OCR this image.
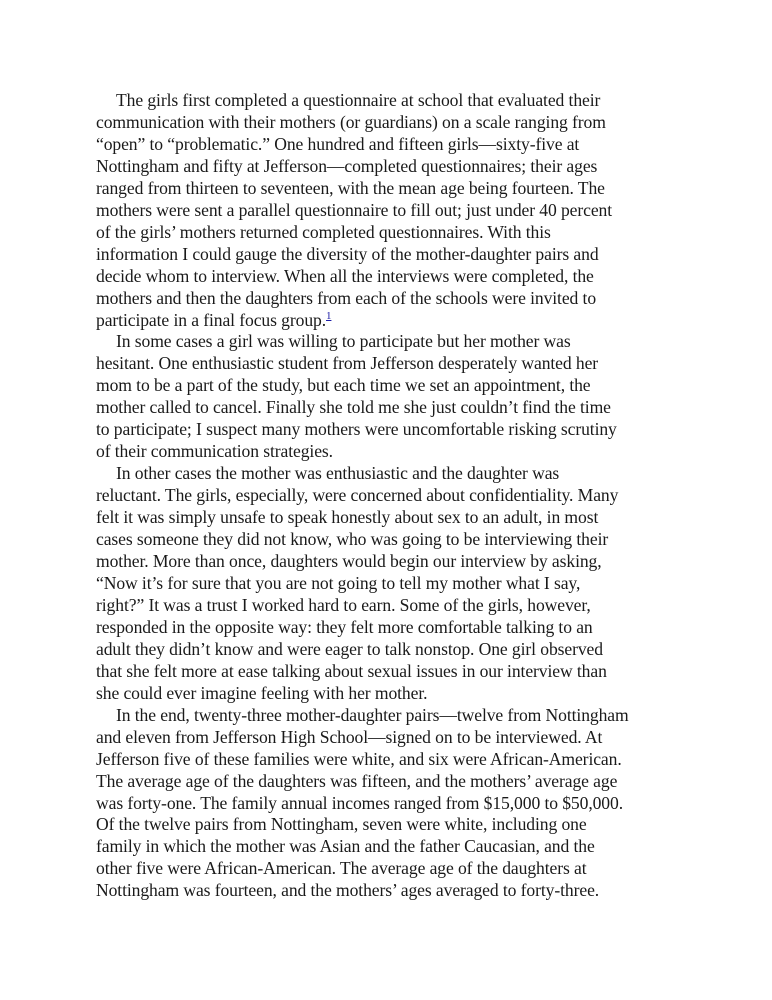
The girls first completed a questionnaire at school that evaluated their
communication with their mothers (or guardians) on a scale ranging from
“open” to “problematic.” One hundred and fifteen girls—sixty-five at
Nottingham and fifty at Jefferson—completed questionnaires; their ages
ranged from thirteen to seventeen, with the mean age being fourteen. The
mothers were sent a parallel questionnaire to fill out; just under 40 percent
of the girls’ mothers returned completed questionnaires. With this
information I could gauge the diversity of the mother-daughter pairs and
decide whom to interview. When all the interviews were completed, the
mothers and then the daughters from each of the schools were invited to
participate in a final focus group.$^1$

In some cases a girl was willing to participate but her mother was
hesitant. One enthusiastic student from Jefferson desperately wanted her
mom to be a part of the study, but each time we set an appointment, the
mother called to cancel. Finally she told me she just couldn’t find the time
to participate; I suspect many mothers were uncomfortable risking scrutiny
of their communication strategies.

In other cases the mother was enthusiastic and the daughter was
reluctant. The girls, especially, were concerned about confidentiality. Many
felt it was simply unsafe to speak honestly about sex to an adult, in most
cases someone they did not know, who was going to be interviewing their
mother. More than once, daughters would begin our interview by asking,
“Now it’s for sure that you are not going to tell my mother what I say,
right?” It was a trust I worked hard to earn. Some of the girls, however,
responded in the opposite way: they felt more comfortable talking to an
adult they didn’t know and were eager to talk nonstop. One girl observed
that she felt more at ease talking about sexual issues in our interview than
she could ever imagine feeling with her mother.

In the end, twenty-three mother-daughter pairs—twelve from Nottingham
and eleven from Jefferson High School—signed on to be interviewed. At
Jefferson five of these families were white, and six were African-American.
The average age of the daughters was fifteen, and the mothers’ average age
was forty-one. The family annual incomes ranged from $15,000 to $50,000.
Of the twelve pairs from Nottingham, seven were white, including one
family in which the mother was Asian and the father Caucasian, and the
other five were African-American. The average age of the daughters at
Nottingham was fourteen, and the mothers’ ages averaged to forty-three.
